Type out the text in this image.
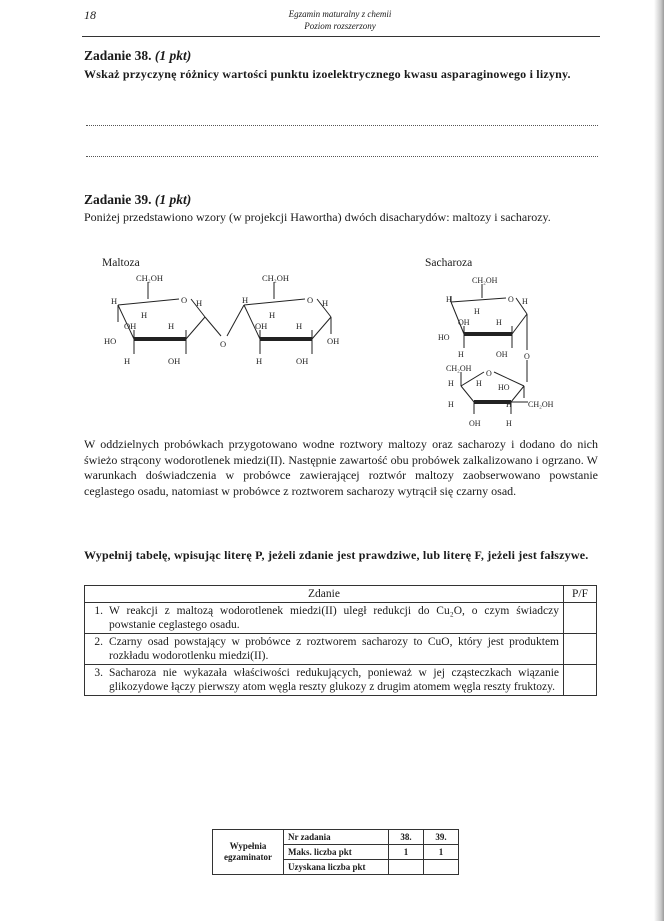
18	Egzamin maturalny z chemii
Poziom rozszerzony
Zadanie 38. (1 pkt)
Wskaż przyczynę różnicy wartości punktu izoelektrycznego kwasu asparaginowego i lizyny.
Zadanie 39. (1 pkt)
Poniżej przedstawiono wzory (w projekcji Hawortha) dwóch disacharydów: maltozy i sacharozy.
Maltoza	Sacharoza
CH₂OH
O
H	H
H
OH	H
HO
H	OH
O
CH₂OH
O
H	H
H
OH	H
OH
H	OH
CH₂OH
O
H	H
H
OH	H
HO
H	OH O
CH₂OH
O
H	H HO
H	H CH₂OH
OH	H
W oddzielnych probówkach przygotowano wodne roztwory maltozy oraz sacharozy i dodano do nich świeżo strącony wodorotlenek miedzi(II). Następnie zawartość obu probówek zalkalizowano i ogrzano. W warunkach doświadczenia w probówce zawierającej roztwór maltozy zaobserwowano powstanie ceglastego osadu, natomiast w probówce z roztworem sacharozy wytrącił się czarny osad.
Wypełnij tabelę, wpisując literę P, jeżeli zdanie jest prawdziwe, lub literę F, jeżeli jest fałszywe.
Zdanie		P/F
1.	W reakcji z maltozą wodorotlenek miedzi(II) uległ redukcji do Cu₂O, o czym świadczy powstanie ceglastego osadu.	
2.	Czarny osad powstający w probówce z roztworem sacharozy to CuO, który jest produktem rozkładu wodorotlenku miedzi(II).	
3.	Sacharoza nie wykazała właściwości redukujących, ponieważ w jej cząsteczkach wiązanie glikozydowe łączy pierwszy atom węgla reszty glukozy z drugim atomem węgla reszty fruktozy.	
Wypełnia egzaminator	Nr zadania	38.	39.
	Maks. liczba pkt	1	1
	Uzyskana liczba pkt		
